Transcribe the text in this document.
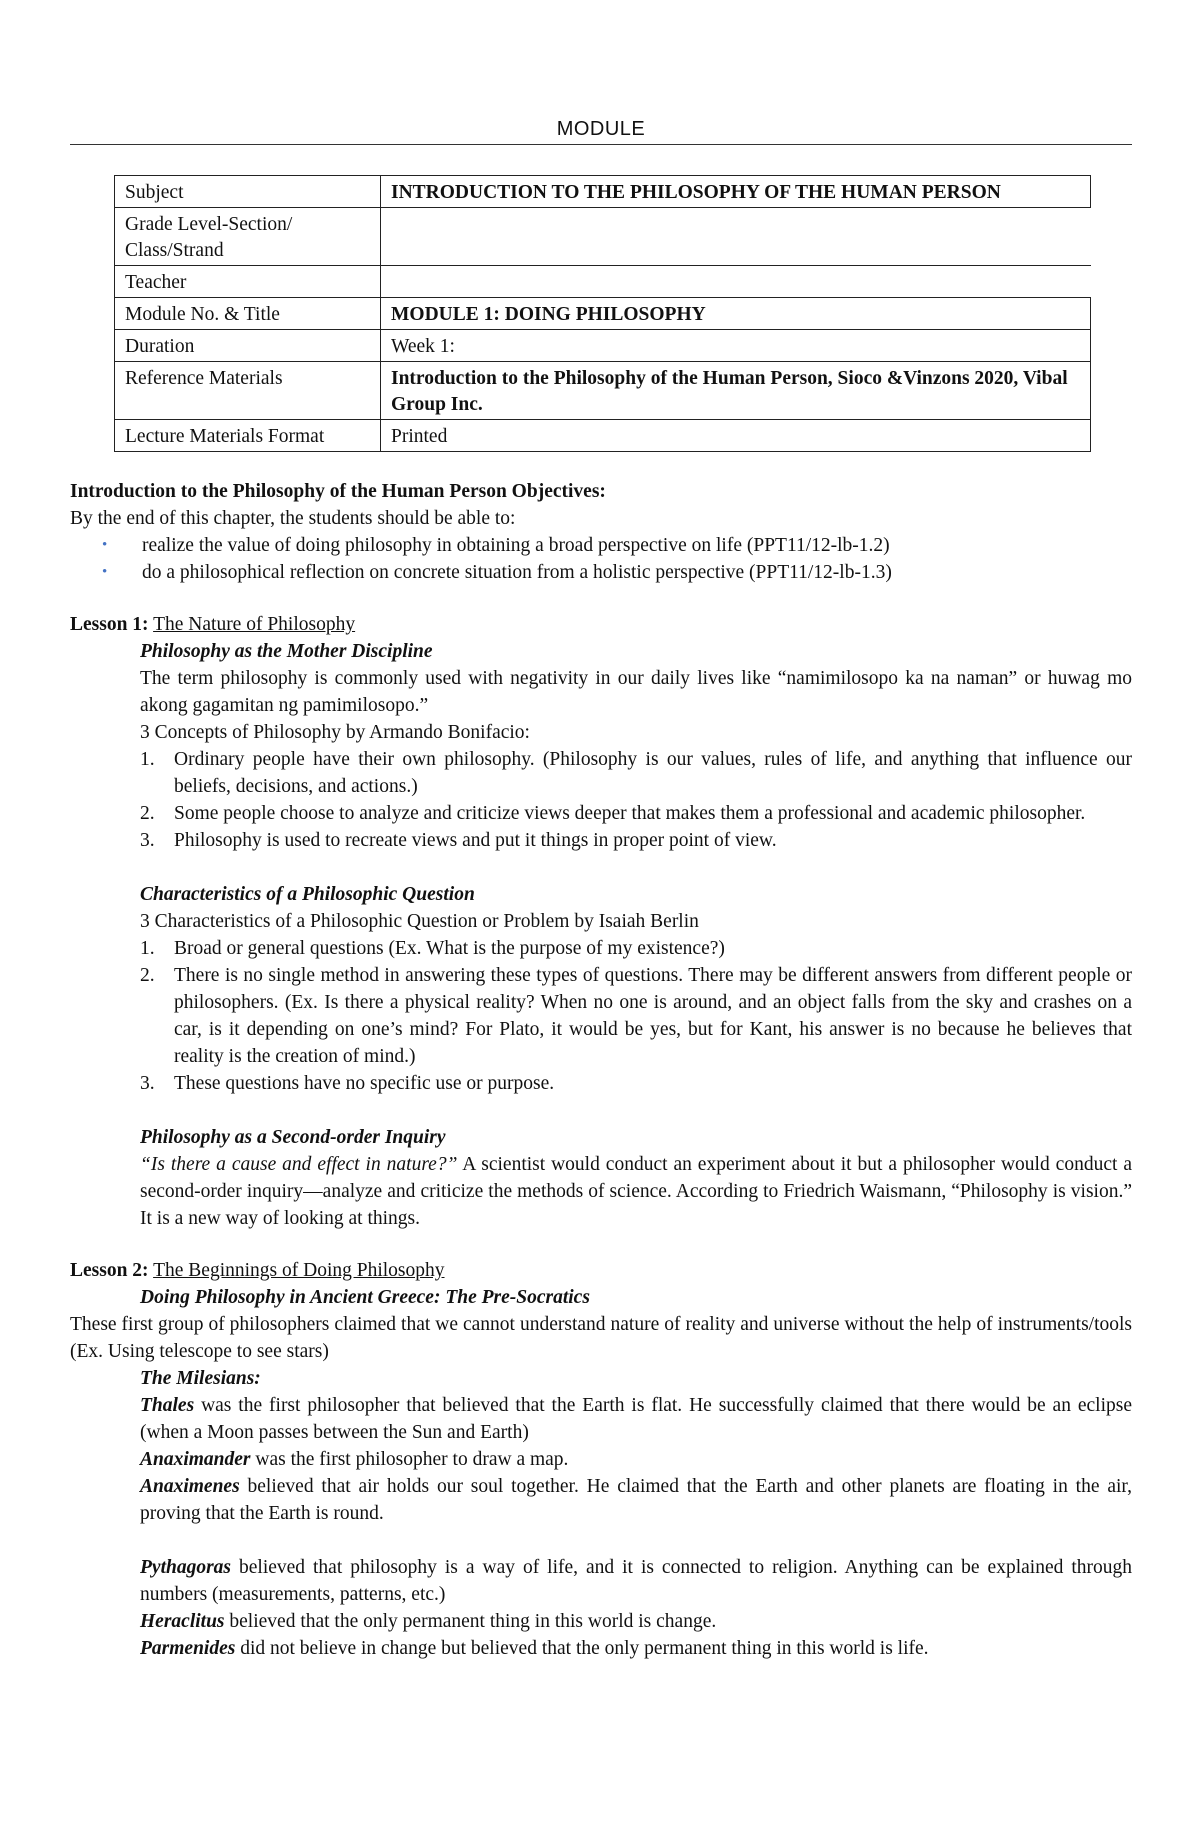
MODULE
Subject	INTRODUCTION TO THE PHILOSOPHY OF THE HUMAN PERSON
Grade Level-Section/ Class/Strand	
Teacher	
Module No. & Title	MODULE 1: DOING PHILOSOPHY
Duration	Week 1:
Reference Materials	Introduction to the Philosophy of the Human Person, Sioco &Vinzons 2020, Vibal Group Inc.
Lecture Materials Format	Printed
Introduction to the Philosophy of the Human Person Objectives:
By the end of this chapter, the students should be able to:
• realize the value of doing philosophy in obtaining a broad perspective on life (PPT11/12-lb-1.2)
• do a philosophical reflection on concrete situation from a holistic perspective (PPT11/12-lb-1.3)
Lesson 1: The Nature of Philosophy
Philosophy as the Mother Discipline
The term philosophy is commonly used with negativity in our daily lives like “namimilosopo ka na naman” or huwag mo akong gagamitan ng pamimilosopo.”
3 Concepts of Philosophy by Armando Bonifacio:
1. Ordinary people have their own philosophy. (Philosophy is our values, rules of life, and anything that influence our beliefs, decisions, and actions.)
2. Some people choose to analyze and criticize views deeper that makes them a professional and academic philosopher.
3. Philosophy is used to recreate views and put it things in proper point of view.
Characteristics of a Philosophic Question
3 Characteristics of a Philosophic Question or Problem by Isaiah Berlin
1. Broad or general questions (Ex. What is the purpose of my existence?)
2. There is no single method in answering these types of questions. There may be different answers from different people or philosophers. (Ex. Is there a physical reality? When no one is around, and an object falls from the sky and crashes on a car, is it depending on one’s mind? For Plato, it would be yes, but for Kant, his answer is no because he believes that reality is the creation of mind.)
3. These questions have no specific use or purpose.
Philosophy as a Second-order Inquiry
“Is there a cause and effect in nature?” A scientist would conduct an experiment about it but a philosopher would conduct a second-order inquiry—analyze and criticize the methods of science. According to Friedrich Waismann, “Philosophy is vision.” It is a new way of looking at things.
Lesson 2: The Beginnings of Doing Philosophy
Doing Philosophy in Ancient Greece: The Pre-Socratics
These first group of philosophers claimed that we cannot understand nature of reality and universe without the help of instruments/tools (Ex. Using telescope to see stars)
The Milesians:
Thales was the first philosopher that believed that the Earth is flat. He successfully claimed that there would be an eclipse (when a Moon passes between the Sun and Earth)
Anaximander was the first philosopher to draw a map.
Anaximenes believed that air holds our soul together. He claimed that the Earth and other planets are floating in the air, proving that the Earth is round.
Pythagoras believed that philosophy is a way of life, and it is connected to religion. Anything can be explained through numbers (measurements, patterns, etc.)
Heraclitus believed that the only permanent thing in this world is change.
Parmenides did not believe in change but believed that the only permanent thing in this world is life.
